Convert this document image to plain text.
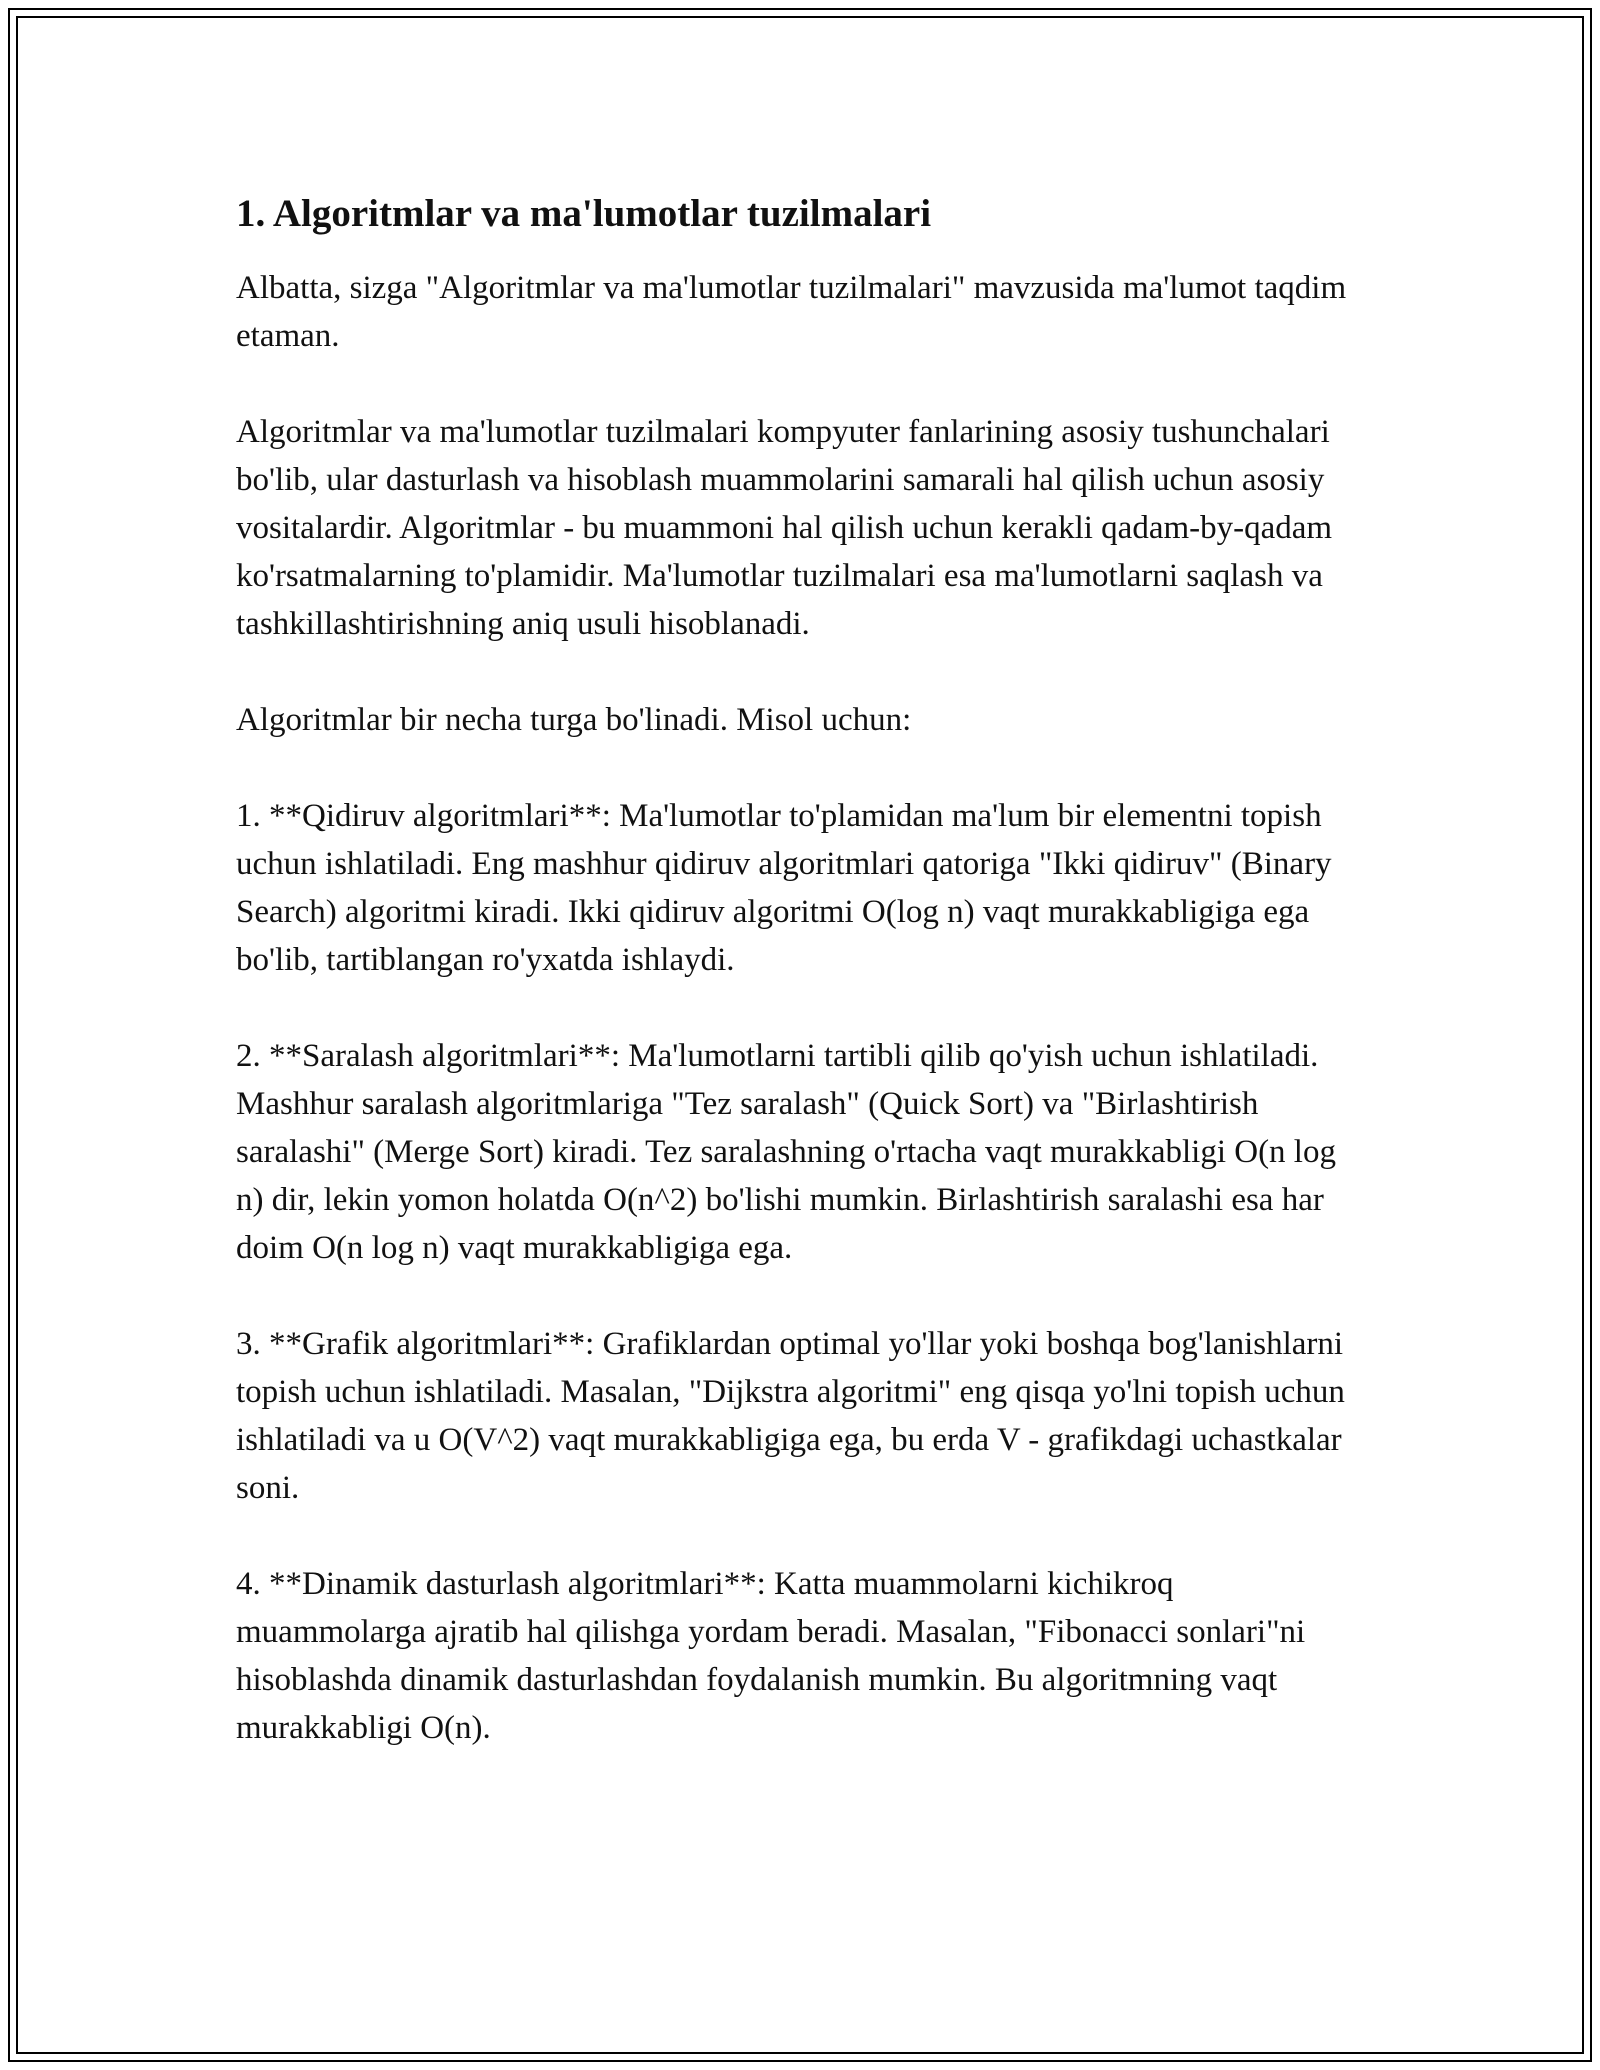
1. Algoritmlar va ma'lumotlar tuzilmalari

Albatta, sizga "Algoritmlar va ma'lumotlar tuzilmalari" mavzusida ma'lumot taqdim etaman.

Algoritmlar va ma'lumotlar tuzilmalari kompyuter fanlarining asosiy tushunchalari bo'lib, ular dasturlash va hisoblash muammolarini samarali hal qilish uchun asosiy vositalardir. Algoritmlar - bu muammoni hal qilish uchun kerakli qadam-by-qadam ko'rsatmalarning to'plamidir. Ma'lumotlar tuzilmalari esa ma'lumotlarni saqlash va tashkillashtirishning aniq usuli hisoblanadi.

Algoritmlar bir necha turga bo'linadi. Misol uchun:

1. **Qidiruv algoritmlari**: Ma'lumotlar to'plamidan ma'lum bir elementni topish uchun ishlatiladi. Eng mashhur qidiruv algoritmlari qatoriga "Ikki qidiruv" (Binary Search) algoritmi kiradi. Ikki qidiruv algoritmi O(log n) vaqt murakkabligiga ega bo'lib, tartiblangan ro'yxatda ishlaydi.

2. **Saralash algoritmlari**: Ma'lumotlarni tartibli qilib qo'yish uchun ishlatiladi. Mashhur saralash algoritmlariga "Tez saralash" (Quick Sort) va "Birlashtirish saralashi" (Merge Sort) kiradi. Tez saralashning o'rtacha vaqt murakkabligi O(n log n) dir, lekin yomon holatda O(n^2) bo'lishi mumkin. Birlashtirish saralashi esa har doim O(n log n) vaqt murakkabligiga ega.

3. **Grafik algoritmlari**: Grafiklardan optimal yo'llar yoki boshqa bog'lanishlarni topish uchun ishlatiladi. Masalan, "Dijkstra algoritmi" eng qisqa yo'lni topish uchun ishlatiladi va u O(V^2) vaqt murakkabligiga ega, bu erda V - grafikdagi uchastkalar soni.

4. **Dinamik dasturlash algoritmlari**: Katta muammolarni kichikroq muammolarga ajratib hal qilishga yordam beradi. Masalan, "Fibonacci sonlari"ni hisoblashda dinamik dasturlashdan foydalanish mumkin. Bu algoritmning vaqt murakkabligi O(n).
